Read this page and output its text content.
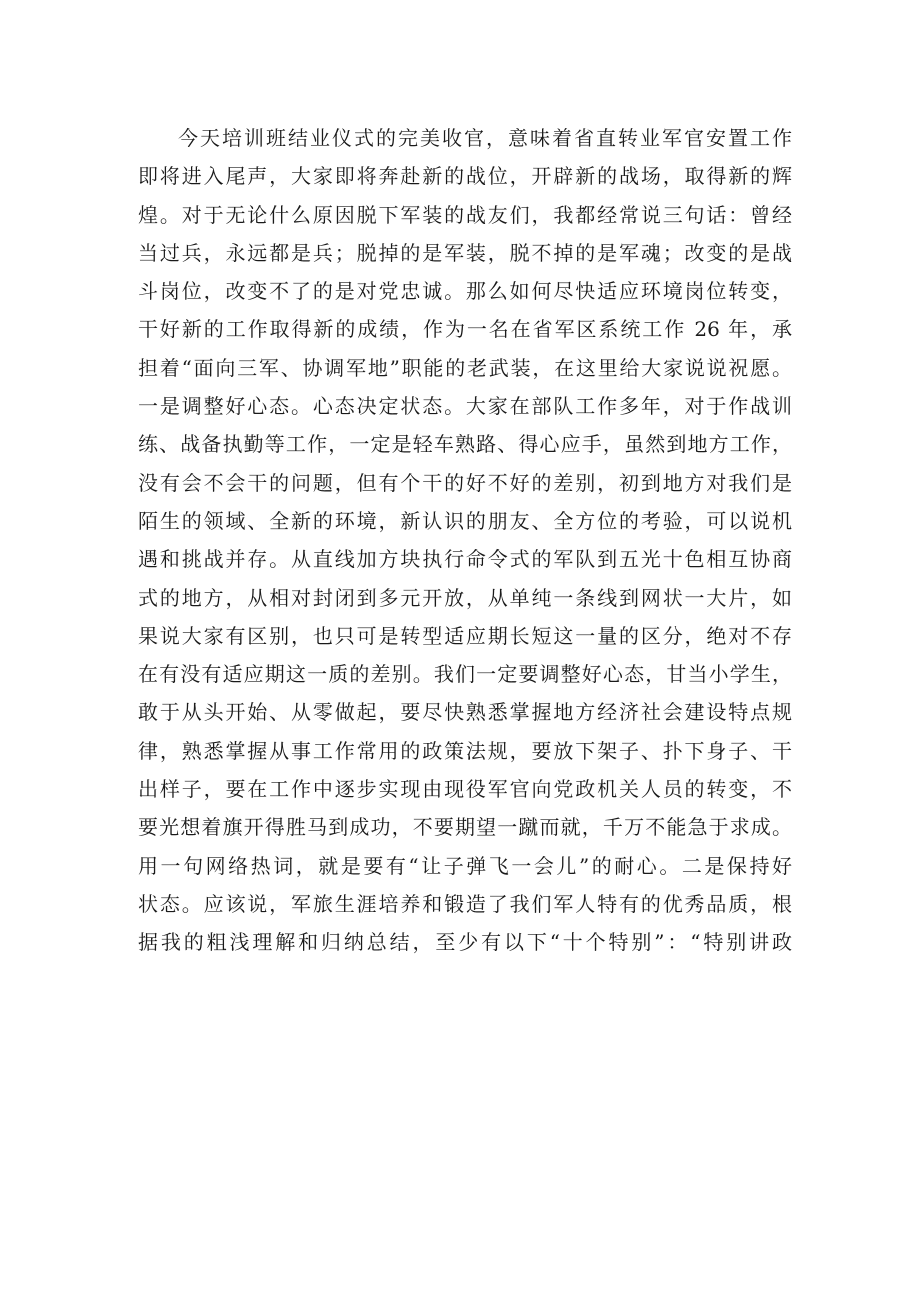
今天培训班结业仪式的完美收官，意味着省直转业军官安置工作
即将进入尾声，大家即将奔赴新的战位，开辟新的战场，取得新的辉
煌。对于无论什么原因脱下军装的战友们，我都经常说三句话：曾经
当过兵，永远都是兵；脱掉的是军装，脱不掉的是军魂；改变的是战
斗岗位，改变不了的是对党忠诚。那么如何尽快适应环境岗位转变，
干好新的工作取得新的成绩，作为一名在省军区系统工作 26 年，承
担着“面向三军、协调军地”职能的老武装，在这里给大家说说祝愿。
一是调整好心态。心态决定状态。大家在部队工作多年，对于作战训
练、战备执勤等工作，一定是轻车熟路、得心应手，虽然到地方工作，
没有会不会干的问题，但有个干的好不好的差别，初到地方对我们是
陌生的领域、全新的环境，新认识的朋友、全方位的考验，可以说机
遇和挑战并存。从直线加方块执行命令式的军队到五光十色相互协商
式的地方，从相对封闭到多元开放，从单纯一条线到网状一大片，如
果说大家有区别，也只可是转型适应期长短这一量的区分，绝对不存
在有没有适应期这一质的差别。我们一定要调整好心态，甘当小学生，
敢于从头开始、从零做起，要尽快熟悉掌握地方经济社会建设特点规
律，熟悉掌握从事工作常用的政策法规，要放下架子、扑下身子、干
出样子，要在工作中逐步实现由现役军官向党政机关人员的转变，不
要光想着旗开得胜马到成功，不要期望一蹴而就，千万不能急于求成。
用一句网络热词，就是要有“让子弹飞一会儿”的耐心。二是保持好
状态。应该说，军旅生涯培养和锻造了我们军人特有的优秀品质，根
据我的粗浅理解和归纳总结，至少有以下“十个特别”：“特别讲政
